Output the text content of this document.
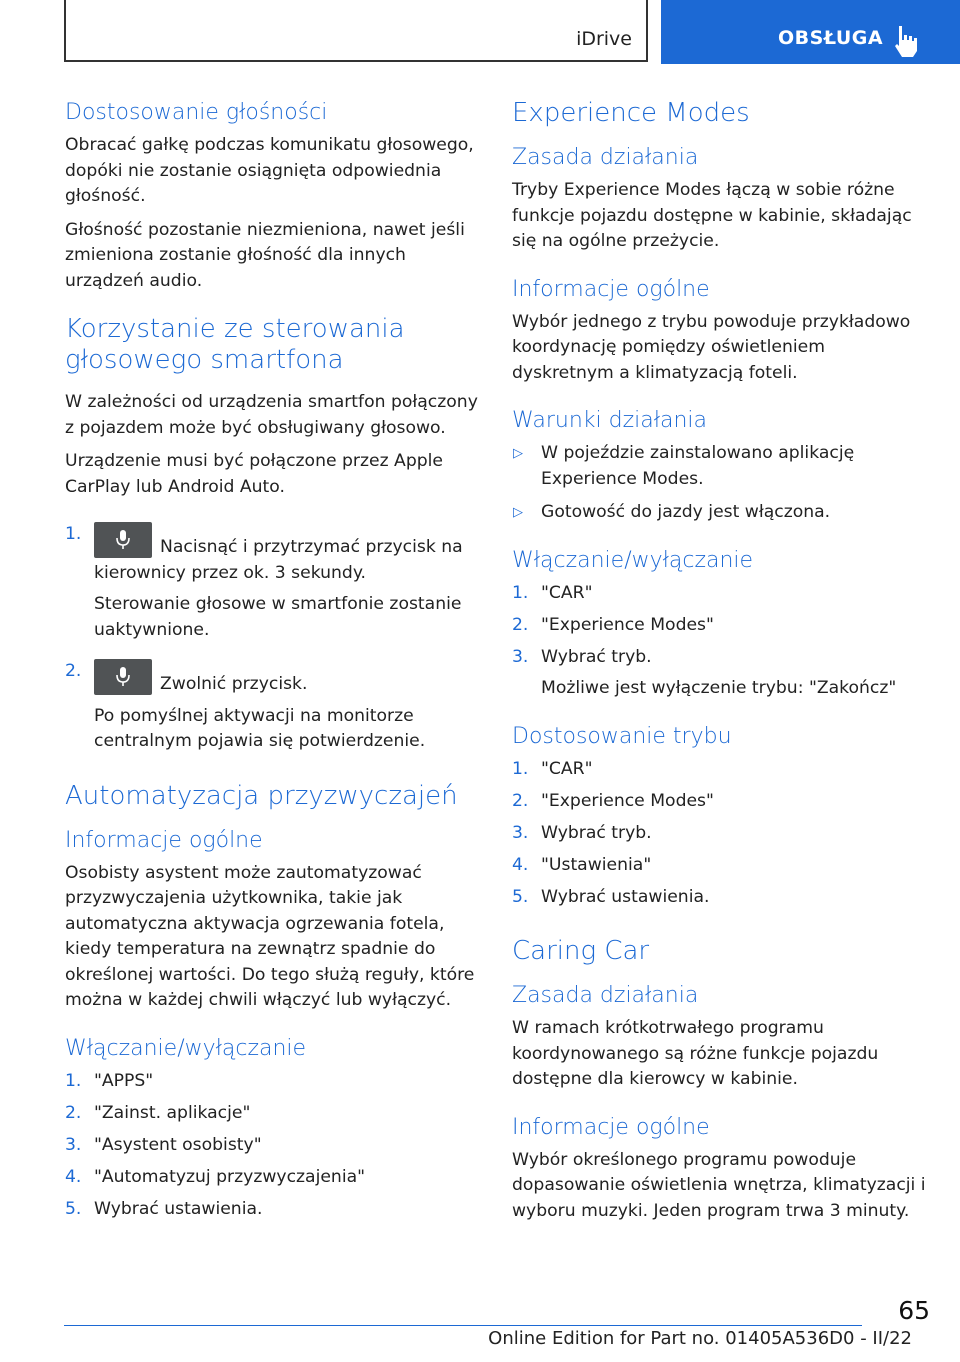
iDrive	OBSŁUGA
Dostosowanie głośności

Obracać gałkę podczas komunikatu głosowego, dopóki nie zostanie osiągnięta odpowiednia głośność.

Głośność pozostanie niezmieniona, nawet jeśli zmieniona zostanie głośność dla innych urządzeń audio.

Korzystanie ze sterowania głosowego smartfona

W zależności od urządzenia smartfon połączony z pojazdem może być obsługiwany głosowo.

Urządzenie musi być połączone przez Apple CarPlay lub Android Auto.

1.
Nacisnąć i przytrzymać przycisk na kierownicy przez ok. 3 sekundy.
Sterowanie głosowe w smartfonie zostanie uaktywnione.
2.
Zwolnić przycisk.
Po pomyślnej aktywacji na monitorze centralnym pojawia się potwierdzenie.
Automatyzacja przyzwyczajeń
Informacje ogólne

Osobisty asystent może zautomatyzować przyzwyczajenia użytkownika, takie jak automatyczna aktywacja ogrzewania fotela, kiedy temperatura na zewnątrz spadnie do określonej wartości. Do tego służą reguły, które można w każdej chwili włączyć lub wyłączyć.

Włączanie/wyłączanie
1. "APPS"
2. "Zainst. aplikacje"
3. "Asystent osobisty"
4. "Automatyzuj przyzwyczajenia"
5. Wybrać ustawienia.
Experience Modes
Zasada działania

Tryby Experience Modes łączą w sobie różne funkcje pojazdu dostępne w kabinie, składając się na ogólne przeżycie.

Informacje ogólne

Wybór jednego z trybu powoduje przykładowo koordynację pomiędzy oświetleniem dyskretnym a klimatyzacją foteli.

Warunki działania
▷ W pojeździe zainstalowano aplikację Experience Modes.
▷ Gotowość do jazdy jest włączona.
Włączanie/wyłączanie
1. "CAR"
2. "Experience Modes"
3. Wybrać tryb.
Możliwe jest wyłączenie trybu: "Zakończ"
Dostosowanie trybu
1. "CAR"
2. "Experience Modes"
3. Wybrać tryb.
4. "Ustawienia"
5. Wybrać ustawienia.
Caring Car
Zasada działania

W ramach krótkotrwałego programu koordynowanego są różne funkcje pojazdu dostępne dla kierowcy w kabinie.

Informacje ogólne

Wybór określonego programu powoduje dopasowanie oświetlenia wnętrza, klimatyzacji i wyboru muzyki. Jeden program trwa 3 minuty.

65
Online Edition for Part no. 01405A536D0 - II/22
